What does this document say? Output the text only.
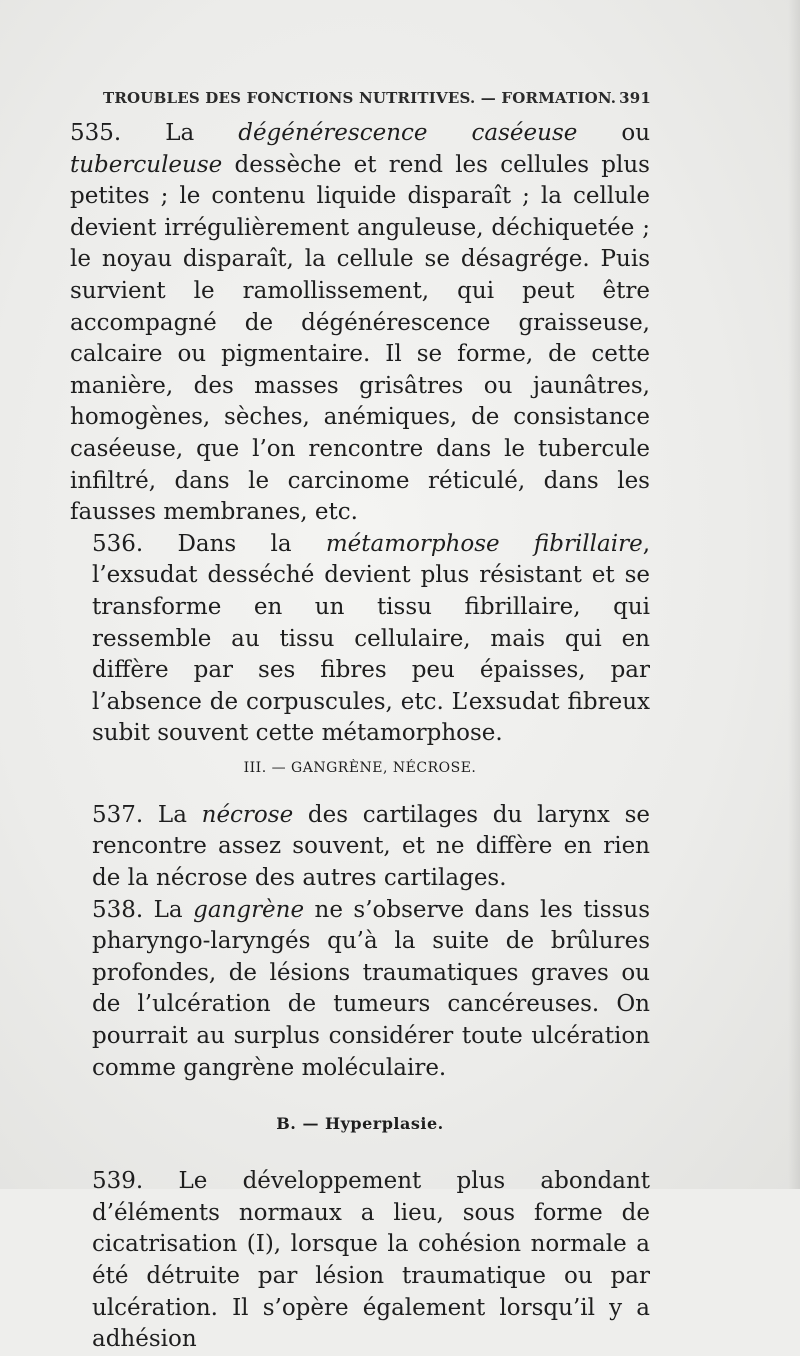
TROUBLES DES FONCTIONS NUTRITIVES. — FORMATION. 391

535. La dégénérescence caséeuse ou tuberculeuse dessèche et rend les cellules plus petites ; le contenu liquide disparaît ; la cellule devient irrégulièrement anguleuse, déchiquetée ; le noyau disparaît, la cellule se désagrége. Puis survient le ramollissement, qui peut être accompagné de dégénérescence graisseuse, calcaire ou pigmentaire. Il se forme, de cette manière, des masses grisâtres ou jaunâtres, homogènes, sèches, anémiques, de consistance caséeuse, que l’on rencontre dans le tubercule infiltré, dans le carcinome réticulé, dans les fausses membranes, etc.

536. Dans la métamorphose fibrillaire, l’exsudat desséché devient plus résistant et se transforme en un tissu fibrillaire, qui ressemble au tissu cellulaire, mais qui en diffère par ses fibres peu épaisses, par l’absence de corpuscules, etc. L’exsudat fibreux subit souvent cette métamorphose.

III. — GANGRÈNE, NÉCROSE.

537. La nécrose des cartilages du larynx se rencontre assez souvent, et ne diffère en rien de la nécrose des autres cartilages.

538. La gangrène ne s’observe dans les tissus pharyngo-laryngés qu’à la suite de brûlures profondes, de lésions traumatiques graves ou de l’ulcération de tumeurs cancéreuses. On pourrait au surplus considérer toute ulcération comme gangrène moléculaire.

B. — Hyperplasie.

539. Le développement plus abondant d’éléments normaux a lieu, sous forme de cicatrisation (I), lorsque la cohésion normale a été détruite par lésion traumatique ou par ulcération. Il s’opère également lorsqu’il y a adhésion
